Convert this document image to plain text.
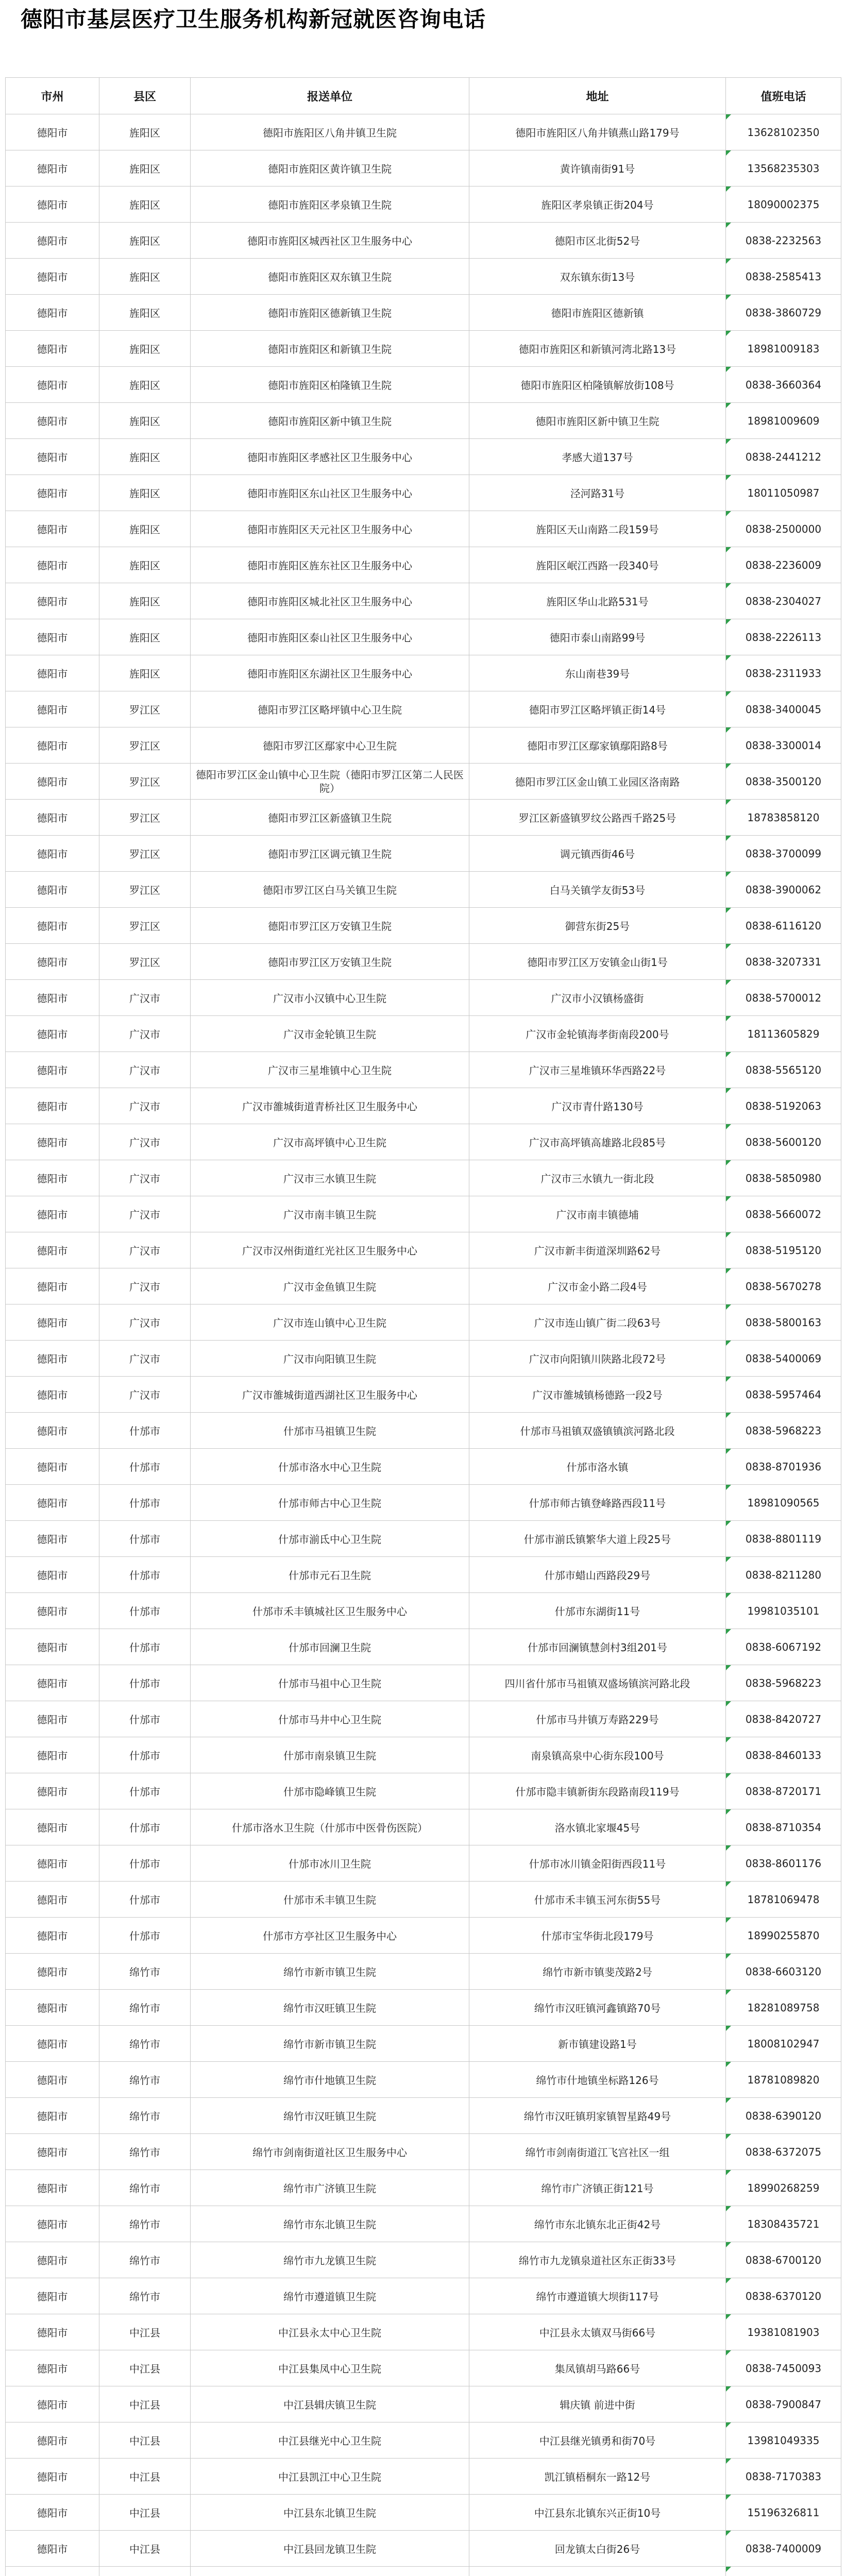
德阳市基层医疗卫生服务机构新冠就医咨询电话
市州	县区	报送单位	地址	值班电话
德阳市	旌阳区	德阳市旌阳区八角井镇卫生院	德阳市旌阳区八角井镇燕山路179号	13628102350
德阳市	旌阳区	德阳市旌阳区黄许镇卫生院	黄许镇南街91号	13568235303
德阳市	旌阳区	德阳市旌阳区孝泉镇卫生院	旌阳区孝泉镇正街204号	18090002375
德阳市	旌阳区	德阳市旌阳区城西社区卫生服务中心	德阳市区北街52号	0838-2232563
德阳市	旌阳区	德阳市旌阳区双东镇卫生院	双东镇东街13号	0838-2585413
德阳市	旌阳区	德阳市旌阳区德新镇卫生院	德阳市旌阳区德新镇	0838-3860729
德阳市	旌阳区	德阳市旌阳区和新镇卫生院	德阳市旌阳区和新镇河湾北路13号	18981009183
德阳市	旌阳区	德阳市旌阳区柏隆镇卫生院	德阳市旌阳区柏隆镇解放街108号	0838-3660364
德阳市	旌阳区	德阳市旌阳区新中镇卫生院	德阳市旌阳区新中镇卫生院	18981009609
德阳市	旌阳区	德阳市旌阳区孝感社区卫生服务中心	孝感大道137号	0838-2441212
德阳市	旌阳区	德阳市旌阳区东山社区卫生服务中心	泾河路31号	18011050987
德阳市	旌阳区	德阳市旌阳区天元社区卫生服务中心	旌阳区天山南路二段159号	0838-2500000
德阳市	旌阳区	德阳市旌阳区旌东社区卫生服务中心	旌阳区岷江西路一段340号	0838-2236009
德阳市	旌阳区	德阳市旌阳区城北社区卫生服务中心	旌阳区华山北路531号	0838-2304027
德阳市	旌阳区	德阳市旌阳区泰山社区卫生服务中心	德阳市泰山南路99号	0838-2226113
德阳市	旌阳区	德阳市旌阳区东湖社区卫生服务中心	东山南巷39号	0838-2311933
德阳市	罗江区	德阳市罗江区略坪镇中心卫生院	德阳市罗江区略坪镇正街14号	0838-3400045
德阳市	罗江区	德阳市罗江区鄢家中心卫生院	德阳市罗江区鄢家镇鄢阳路8号	0838-3300014
德阳市	罗江区	德阳市罗江区金山镇中心卫生院（德阳市罗江区第二人民医院）	德阳市罗江区金山镇工业园区洛南路	0838-3500120
德阳市	罗江区	德阳市罗江区新盛镇卫生院	罗江区新盛镇罗纹公路西千路25号	18783858120
德阳市	罗江区	德阳市罗江区调元镇卫生院	调元镇西街46号	0838-3700099
德阳市	罗江区	德阳市罗江区白马关镇卫生院	白马关镇学友街53号	0838-3900062
德阳市	罗江区	德阳市罗江区万安镇卫生院	御营东街25号	0838-6116120
德阳市	罗江区	德阳市罗江区万安镇卫生院	德阳市罗江区万安镇金山街1号	0838-3207331
德阳市	广汉市	广汉市小汉镇中心卫生院	广汉市小汉镇杨盛街	0838-5700012
德阳市	广汉市	广汉市金轮镇卫生院	广汉市金轮镇海孝街南段200号	18113605829
德阳市	广汉市	广汉市三星堆镇中心卫生院	广汉市三星堆镇环华西路22号	0838-5565120
德阳市	广汉市	广汉市雒城街道青桥社区卫生服务中心	广汉市青什路130号	0838-5192063
德阳市	广汉市	广汉市高坪镇中心卫生院	广汉市高坪镇高雄路北段85号	0838-5600120
德阳市	广汉市	广汉市三水镇卫生院	广汉市三水镇九一街北段	0838-5850980
德阳市	广汉市	广汉市南丰镇卫生院	广汉市南丰镇德埔	0838-5660072
德阳市	广汉市	广汉市汉州街道红光社区卫生服务中心	广汉市新丰街道深圳路62号	0838-5195120
德阳市	广汉市	广汉市金鱼镇卫生院	广汉市金小路二段4号	0838-5670278
德阳市	广汉市	广汉市连山镇中心卫生院	广汉市连山镇广街二段63号	0838-5800163
德阳市	广汉市	广汉市向阳镇卫生院	广汉市向阳镇川陕路北段72号	0838-5400069
德阳市	广汉市	广汉市雒城街道西湖社区卫生服务中心	广汉市雒城镇杨德路一段2号	0838-5957464
德阳市	什邡市	什邡市马祖镇卫生院	什邡市马祖镇双盛镇镇滨河路北段	0838-5968223
德阳市	什邡市	什邡市洛水中心卫生院	什邡市洛水镇	0838-8701936
德阳市	什邡市	什邡市师古中心卫生院	什邡市师古镇登峰路西段11号	18981090565
德阳市	什邡市	什邡市湔氐中心卫生院	什邡市湔氐镇繁华大道上段25号	0838-8801119
德阳市	什邡市	什邡市元石卫生院	什邡市蜡山西路段29号	0838-8211280
德阳市	什邡市	什邡市禾丰镇城社区卫生服务中心	什邡市东湖街11号	19981035101
德阳市	什邡市	什邡市回澜卫生院	什邡市回澜镇慧剑村3组201号	0838-6067192
德阳市	什邡市	什邡市马祖中心卫生院	四川省什邡市马祖镇双盛场镇滨河路北段	0838-5968223
德阳市	什邡市	什邡市马井中心卫生院	什邡市马井镇万寿路229号	0838-8420727
德阳市	什邡市	什邡市南泉镇卫生院	南泉镇高泉中心街东段100号	0838-8460133
德阳市	什邡市	什邡市隐峰镇卫生院	什邡市隐丰镇新街东段路南段119号	0838-8720171
德阳市	什邡市	什邡市洛水卫生院（什邡市中医骨伤医院）	洛水镇北家堰45号	0838-8710354
德阳市	什邡市	什邡市冰川卫生院	什邡市冰川镇金阳街西段11号	0838-8601176
德阳市	什邡市	什邡市禾丰镇卫生院	什邡市禾丰镇玉河东街55号	18781069478
德阳市	什邡市	什邡市方亭社区卫生服务中心	什邡市宝华街北段179号	18990255870
德阳市	绵竹市	绵竹市新市镇卫生院	绵竹市新市镇斐茂路2号	0838-6603120
德阳市	绵竹市	绵竹市汉旺镇卫生院	绵竹市汉旺镇河鑫镇路70号	18281089758
德阳市	绵竹市	绵竹市新市镇卫生院	新市镇建设路1号	18008102947
德阳市	绵竹市	绵竹市什地镇卫生院	绵竹市什地镇坐标路126号	18781089820
德阳市	绵竹市	绵竹市汉旺镇卫生院	绵竹市汉旺镇玥家镇智星路49号	0838-6390120
德阳市	绵竹市	绵竹市剑南街道社区卫生服务中心	绵竹市剑南街道江飞宫社区一组	0838-6372075
德阳市	绵竹市	绵竹市广济镇卫生院	绵竹市广济镇正街121号	18990268259
德阳市	绵竹市	绵竹市东北镇卫生院	绵竹市东北镇东北正街42号	18308435721
德阳市	绵竹市	绵竹市九龙镇卫生院	绵竹市九龙镇泉道社区东正街33号	0838-6700120
德阳市	绵竹市	绵竹市遵道镇卫生院	绵竹市遵道镇大坝街117号	0838-6370120
德阳市	中江县	中江县永太中心卫生院	中江县永太镇双马街66号	19381081903
德阳市	中江县	中江县集凤中心卫生院	集凤镇胡马路66号	0838-7450093
德阳市	中江县	中江县辑庆镇卫生院	辑庆镇 前进中街	0838-7900847
德阳市	中江县	中江县继光中心卫生院	中江县继光镇勇和街70号	13981049335
德阳市	中江县	中江县凯江中心卫生院	凯江镇梧桐东一路12号	0838-7170383
德阳市	中江县	中江县东北镇卫生院	中江县东北镇东兴正街10号	15196326811
德阳市	中江县	中江县回龙镇卫生院	回龙镇太白街26号	0838-7400009
